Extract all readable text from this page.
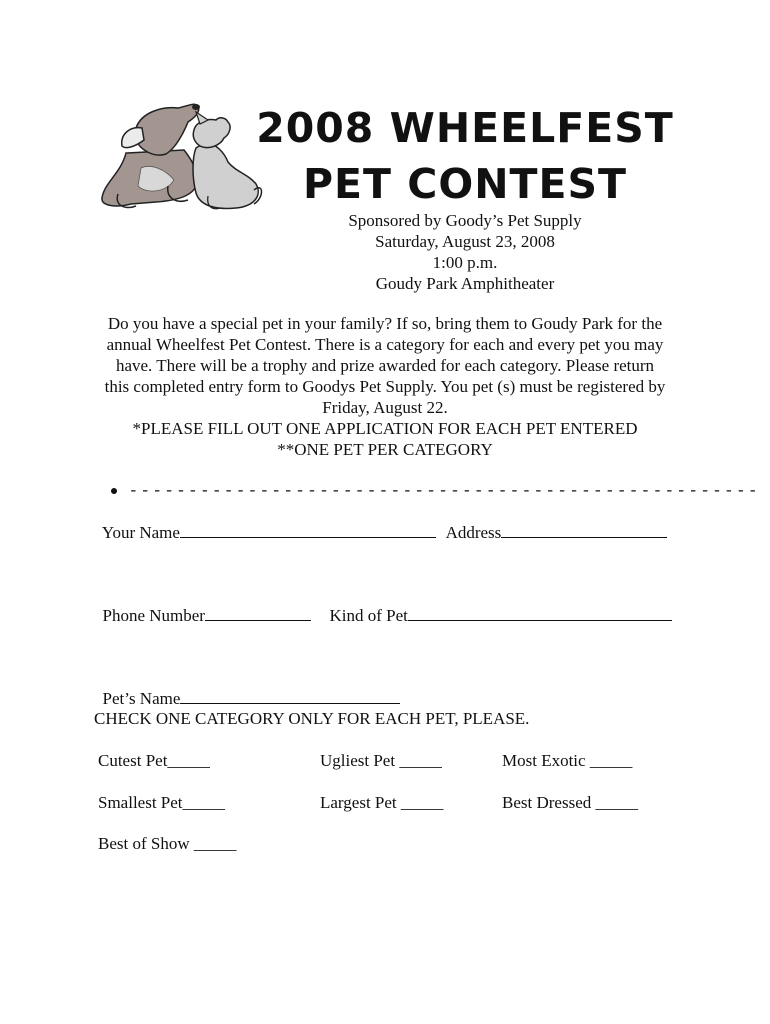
2008 WHEELFEST
PET CONTEST
Sponsored by Goody’s Pet Supply
Saturday, August 23, 2008
1:00 p.m.
Goudy Park Amphitheater
Do you have a special pet in your family? If so, bring them to Goudy Park for the
annual Wheelfest Pet Contest. There is a category for each and every pet you may
have. There will be a trophy and prize awarded for each category. Please return
this completed entry form to Goodys Pet Supply. You pet (s) must be registered by
Friday, August 22.
*PLEASE FILL OUT ONE APPLICATION FOR EACH PET ENTERED
**ONE PET PER CATEGORY

- - - - - - - - - - - - - - - - - - - - - - - - - - - - - - - - - - - - - - - - - - - - - - - - - - - - -

Your Name	Address

Phone Number	Kind of Pet

Pet’s Name

CHECK ONE CATEGORY ONLY FOR EACH PET, PLEASE.
Cutest Pet_____	Ugliest Pet _____	Most Exotic _____
Smallest Pet_____	Largest Pet _____	Best Dressed _____
Best of Show _____
